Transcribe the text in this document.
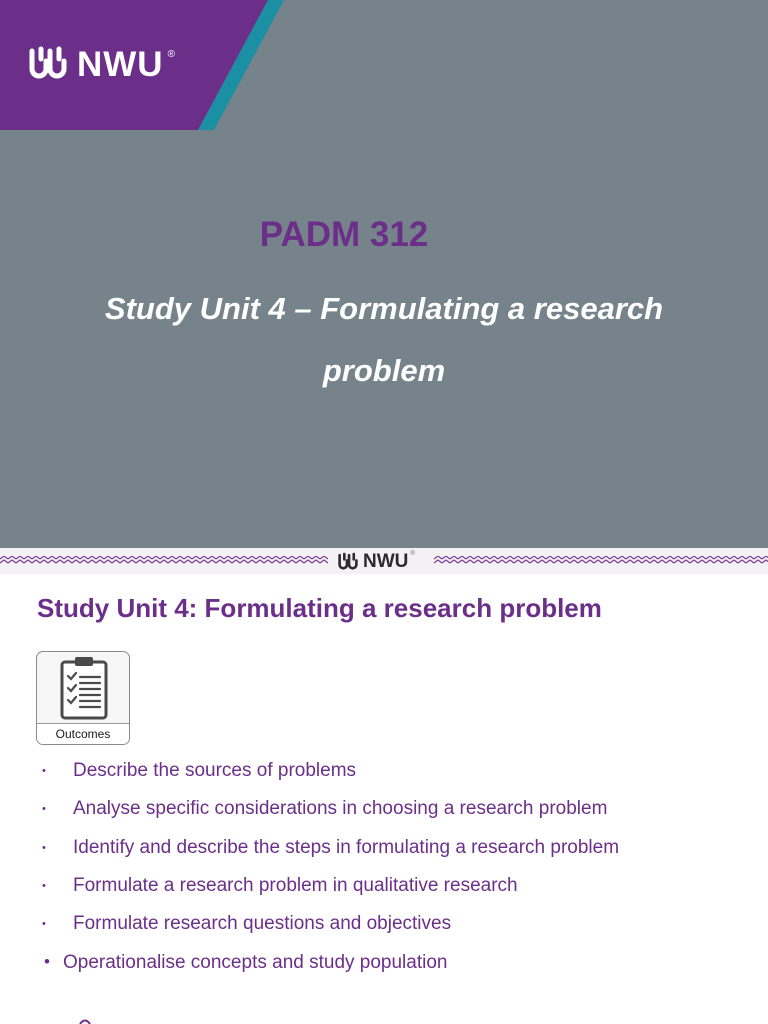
NWU ®
PADM 312
Study Unit 4 – Formulating a research problem
NWU ®
Study Unit 4: Formulating a research problem
Outcomes
• Describe the sources of problems
• Analyse specific considerations in choosing a research problem
• Identify and describe the steps in formulating a research problem
• Formulate a research problem in qualitative research
• Formulate research questions and objectives
• Operationalise concepts and study population
